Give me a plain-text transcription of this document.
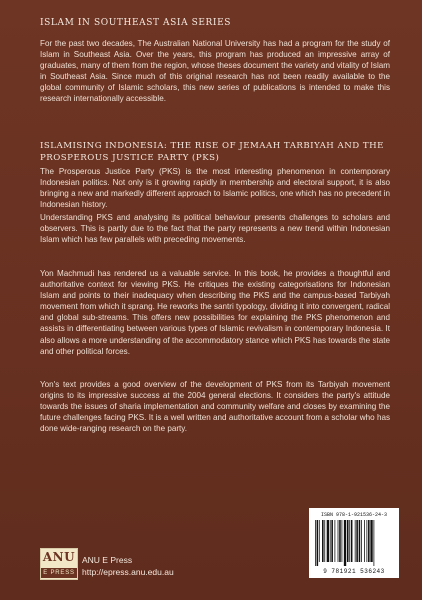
ISLAM IN SOUTHEAST ASIA SERIES
For the past two decades, The Australian National University has had a program for the study of Islam in Southeast Asia. Over the years, this program has produced an impressive array of graduates, many of them from the region, whose theses document the variety and vitality of Islam in Southeast Asia. Since much of this original research has not been readily available to the global community of Islamic scholars, this new series of publications is intended to make this research internationally accessible.
ISLAMISING INDONESIA: THE RISE OF JEMAAH TARBIYAH AND THE PROSPEROUS JUSTICE PARTY (PKS)

The Prosperous Justice Party (PKS) is the most interesting phenomenon in contemporary Indonesian politics. Not only is it growing rapidly in membership and electoral support, it is also bringing a new and markedly different approach to Islamic politics, one which has no precedent in Indonesian history.

Understanding PKS and analysing its political behaviour presents challenges to scholars and observers. This is partly due to the fact that the party represents a new trend within Indonesian Islam which has few parallels with preceding movements.

Yon Machmudi has rendered us a valuable service. In this book, he provides a thoughtful and authoritative context for viewing PKS. He critiques the existing categorisations for Indonesian Islam and points to their inadequacy when describing the PKS and the campus-based Tarbiyah movement from which it sprang. He reworks the santri typology, dividing it into convergent, radical and global sub-streams. This offers new possibilities for explaining the PKS phenomenon and assists in differentiating between various types of Islamic revivalism in contemporary Indonesia. It also allows a more understanding of the accommodatory stance which PKS has towards the state and other political forces.

Yon's text provides a good overview of the development of PKS from its Tarbiyah movement origins to its impressive success at the 2004 general elections. It considers the party's attitude towards the issues of sharia implementation and community welfare and closes by examining the future challenges facing PKS. It is a well written and authoritative account from a scholar who has done wide-ranging research on the party.

ISBN 978-1-921536-24-3
9 781921 536243
ANU
E PRESS
ANU E Press
http://epress.anu.edu.au
